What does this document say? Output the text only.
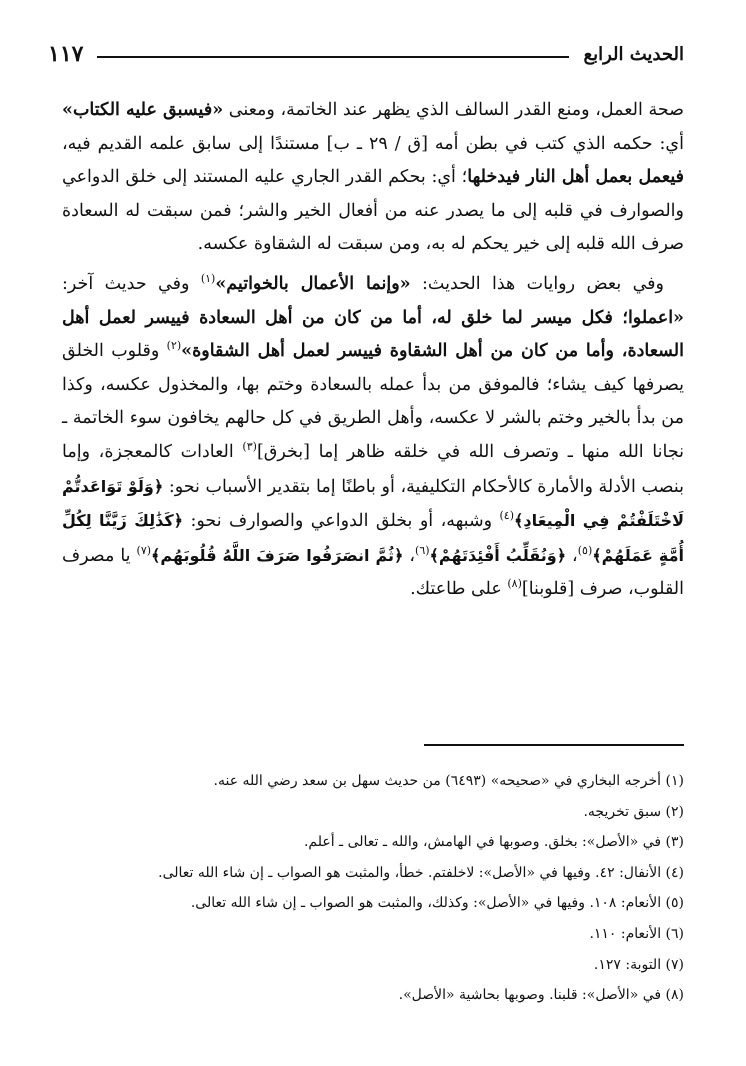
الحديث الرابع
١١٧

صحة العمل، ومنع القدر السالف الذي يظهر عند الخاتمة، ومعنى «فيسبق عليه الكتاب» أي: حكمه الذي كتب في بطن أمه [ق / ٢٩ ـ ب] مستندًا إلى سابق علمه القديم فيه، فيعمل بعمل أهل النار فيدخلها؛ أي: بحكم القدر الجاري عليه المستند إلى خلق الدواعي والصوارف في قلبه إلى ما يصدر عنه من أفعال الخير والشر؛ فمن سبقت له السعادة صرف الله قلبه إلى خير يحكم له به، ومن سبقت له الشقاوة عكسه.

وفي بعض روايات هذا الحديث: «وإنما الأعمال بالخواتيم»$^{(١)}$ وفي حديث آخر: «اعملوا؛ فكل ميسر لما خلق له، أما من كان من أهل السعادة فييسر لعمل أهل السعادة، وأما من كان من أهل الشقاوة فييسر لعمل أهل الشقاوة»$^{(٢)}$ وقلوب الخلق يصرفها كيف يشاء؛ فالموفق من بدأ عمله بالسعادة وختم بها، والمخذول عكسه، وكذا من بدأ بالخير وختم بالشر لا عكسه، وأهل الطريق في كل حالهم يخافون سوء الخاتمة ـ نجانا الله منها ـ وتصرف الله في خلقه ظاهر إما [بخرق]$^{(٣)}$ العادات كالمعجزة، وإما بنصب الأدلة والأمارة كالأحكام التكليفية، أو باطنًا إما بتقدير الأسباب نحو: ﴿وَلَوْ تَوَاعَدتُّمْ لَاخْتَلَفْتُمْ فِي الْمِيعَادِ﴾$^{(٤)}$ وشبهه، أو بخلق الدواعي والصوارف نحو: ﴿كَذَٰلِكَ زَيَّنَّا لِكُلِّ أُمَّةٍ عَمَلَهُمْ﴾$^{(٥)}$، ﴿وَنُقَلِّبُ أَفْئِدَتَهُمْ﴾$^{(٦)}$، ﴿ثُمَّ انصَرَفُوا صَرَفَ اللَّهُ قُلُوبَهُم﴾$^{(٧)}$ يا مصرف القلوب، صرف [قلوبنا]$^{(٨)}$ على طاعتك.

(١) أخرجه البخاري في «صحيحه» (٦٤٩٣) من حديث سهل بن سعد رضي الله عنه.

(٢) سبق تخريجه.

(٣) في «الأصل»: بخلق. وصوبها في الهامش، والله ـ تعالى ـ أعلم.

(٤) الأنفال: ٤٢. وفيها في «الأصل»: لاخلفتم. خطأ، والمثبت هو الصواب ـ إن شاء الله تعالى.

(٥) الأنعام: ١٠٨. وفيها في «الأصل»: وكذلك، والمثبت هو الصواب ـ إن شاء الله تعالى.

(٦) الأنعام: ١١٠.

(٧) التوبة: ١٢٧.

(٨) في «الأصل»: قلبنا. وصوبها بحاشية «الأصل».
